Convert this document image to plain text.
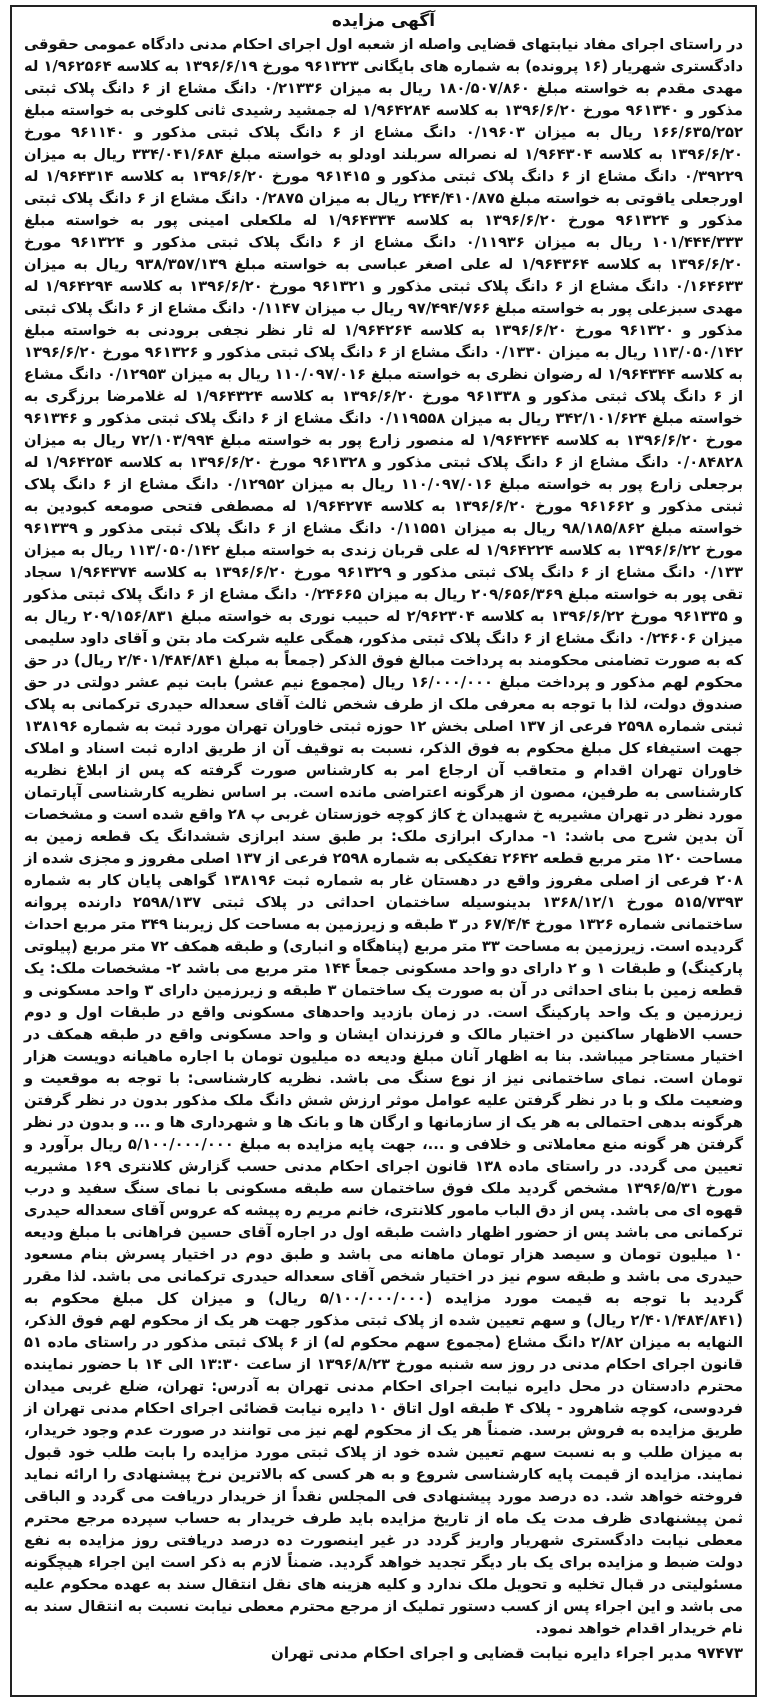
آگهی مزایده
در راستای اجرای مفاد نیابتهای قضایی واصله از شعبه اول اجرای احکام مدنی دادگاه عمومی حقوقی دادگستری شهریار (۱۶ پرونده) به شماره های بایگانی ۹۶۱۳۲۳ مورخ ۱۳۹۶/۶/۱۹ به کلاسه ۱/۹۶۲۵۶۴ له مهدی مقدم به خواسته مبلغ ۱۸۰/۵۰۷/۸۶۰ ریال به میزان ۰/۲۱۳۳۶ دانگ مشاع از ۶ دانگ پلاک ثبتی مذکور و ۹۶۱۳۴۰ مورخ ۱۳۹۶/۶/۲۰ به کلاسه ۱/۹۶۴۲۸۴ له جمشید رشیدی ثانی کلوخی به خواسته مبلغ ۱۶۶/۶۳۵/۲۵۲ ریال به میزان ۰/۱۹۶۰۳ دانگ مشاع از ۶ دانگ پلاک ثبتی مذکور و ۹۶۱۱۴۰ مورخ ۱۳۹۶/۶/۲۰ به کلاسه ۱/۹۶۴۳۰۴ له نصراله سربلند اودلو به خواسته مبلغ ۳۳۴/۰۴۱/۶۸۴ ریال به میزان ۰/۳۹۲۲۹ دانگ مشاع از ۶ دانگ پلاک ثبتی مذکور و ۹۶۱۴۱۵ مورخ ۱۳۹۶/۶/۲۰ به کلاسه ۱/۹۶۴۳۱۴ له اورجعلی یاقوتی به خواسته مبلغ ۲۴۴/۴۱۰/۸۷۵ ریال به میزان ۰/۲۸۷۵ دانگ مشاع از ۶ دانگ پلاک ثبتی مذکور و ۹۶۱۳۲۴ مورخ ۱۳۹۶/۶/۲۰ به کلاسه ۱/۹۶۴۳۳۴ له ملکعلی امینی پور به خواسته مبلغ ۱۰۱/۴۴۴/۳۳۳ ریال به میزان ۰/۱۱۹۳۶ دانگ مشاع از ۶ دانگ پلاک ثبتی مذکور و ۹۶۱۳۲۴ مورخ ۱۳۹۶/۶/۲۰ به کلاسه ۱/۹۶۴۳۶۴ له علی اصغر عباسی به خواسته مبلغ ۹۳۸/۳۵۷/۱۳۹ ریال به میزان ۰/۱۶۴۶۳۳ دانگ مشاع از ۶ دانگ پلاک ثبتی مذکور و ۹۶۱۳۲۱ مورخ ۱۳۹۶/۶/۲۰ به کلاسه ۱/۹۶۴۲۹۴ له مهدی سبزعلی پور به خواسته مبلغ ۹۷/۴۹۴/۷۶۶ ریال ب میزان ۰/۱۱۴۷ دانگ مشاع از ۶ دانگ پلاک ثبتی مذکور و ۹۶۱۳۲۰ مورخ ۱۳۹۶/۶/۲۰ به کلاسه ۱/۹۶۴۲۶۴ له ثار نظر نجفی برودنی به خواسته مبلغ ۱۱۳/۰۵۰/۱۴۲ ریال به میزان ۰/۱۳۳۰ دانگ مشاع از ۶ دانگ پلاک ثبتی مذکور و ۹۶۱۳۲۶ مورخ ۱۳۹۶/۶/۲۰ به کلاسه ۱/۹۶۴۳۴۴ له رضوان نظری به خواسته مبلغ ۱۱۰/۰۹۷/۰۱۶ ریال به میزان ۰/۱۲۹۵۳ دانگ مشاع از ۶ دانگ پلاک ثبتی مذکور و ۹۶۱۳۳۸ مورخ ۱۳۹۶/۶/۲۰ به کلاسه ۱/۹۶۴۳۲۴ له غلامرضا برزگری به خواسته مبلغ ۳۴۲/۱۰۱/۶۲۴ ریال به میزان ۰/۱۱۹۵۵۸ دانگ مشاع از ۶ دانگ پلاک ثبتی مذکور و ۹۶۱۳۴۶ مورخ ۱۳۹۶/۶/۲۰ به کلاسه ۱/۹۶۴۲۴۴ له منصور زارع پور به خواسته مبلغ ۷۲/۱۰۳/۹۹۴ ریال به میزان ۰/۰۸۴۸۲۸ دانگ مشاع از ۶ دانگ پلاک ثبتی مذکور و ۹۶۱۳۲۸ مورخ ۱۳۹۶/۶/۲۰ به کلاسه ۱/۹۶۴۲۵۴ له برجعلی زارع پور به خواسته مبلغ ۱۱۰/۰۹۷/۰۱۶ ریال به میزان ۰/۱۲۹۵۲ دانگ مشاع از ۶ دانگ پلاک ثبتی مذکور و ۹۶۱۶۶۲ مورخ ۱۳۹۶/۶/۲۰ به کلاسه ۱/۹۶۴۲۷۴ له مصطفی فتحی صومعه کبودین به خواسته مبلغ ۹۸/۱۸۵/۸۶۲ ریال به میزان ۰/۱۱۵۵۱ دانگ مشاع از ۶ دانگ پلاک ثبتی مذکور و ۹۶۱۳۳۹ مورخ ۱۳۹۶/۶/۲۲ به کلاسه ۱/۹۶۴۲۲۴ له علی قربان زندی به خواسته مبلغ ۱۱۳/۰۵۰/۱۴۲ ریال به میزان ۰/۱۳۳ دانگ مشاع از ۶ دانگ پلاک ثبتی مذکور و ۹۶۱۳۲۹ مورخ ۱۳۹۶/۶/۲۰ به کلاسه ۱/۹۶۴۳۷۴ سجاد تقی پور به خواسته مبلغ ۲۰۹/۶۵۶/۳۶۹ ریال به میزان ۰/۲۴۶۶۵ دانگ مشاع از ۶ دانگ پلاک ثبتی مذکور و ۹۶۱۳۳۵ مورخ ۱۳۹۶/۶/۲۲ به کلاسه ۲/۹۶۲۳۰۴ له حبیب نوری به خواسته مبلغ ۲۰۹/۱۵۶/۸۳۱ ریال به میزان ۰/۲۴۶۰۶ دانگ مشاع از ۶ دانگ پلاک ثبتی مذکور، همگی علیه شرکت ماد بتن و آقای داود سلیمی که به صورت تضامنی محکومند به پرداخت مبالغ فوق الذکر (جمعاً به مبلغ ۲/۴۰۱/۴۸۴/۸۴۱ ریال) در حق محکوم لهم مذکور و پرداخت مبلغ ۱۶/۰۰۰/۰۰۰ ریال (مجموع نیم عشر) بابت نیم عشر دولتی در حق صندوق دولت، لذا با توجه به معرفی ملک از طرف شخص ثالث آقای سعداله حیدری ترکمانی به پلاک ثبتی شماره ۲۵۹۸ فرعی از ۱۳۷ اصلی بخش ۱۲ حوزه ثبتی خاوران تهران مورد ثبت به شماره ۱۳۸۱۹۶ جهت استیفاء کل مبلغ محکوم به فوق الذکر، نسبت به توقیف آن از طریق اداره ثبت اسناد و املاک خاوران تهران اقدام و متعاقب آن ارجاع امر به کارشناس صورت گرفته که پس از ابلاغ نظریه کارشناسی به طرفین، مصون از هرگونه اعتراضی مانده است. بر اساس نظریه کارشناسی آپارتمان مورد نظر در تهران مشیریه خ شهیدان خ کاژ کوچه خوزستان غربی پ ۲۸ واقع شده است و مشخصات آن بدین شرح می باشد: ۱- مدارک ابرازی ملک: بر طبق سند ابرازی ششدانگ یک قطعه زمین به مساحت ۱۲۰ متر مربع قطعه ۲۶۴۲ تفکیکی به شماره ۲۵۹۸ فرعی از ۱۳۷ اصلی مفروز و مجزی شده از ۲۰۸ فرعی از اصلی مفروز واقع در دهستان غار به شماره ثبت ۱۳۸۱۹۶ گواهی پایان کار به شماره ۵۱۵/۷۳۹۳ مورخ ۱۳۶۸/۱۲/۱ بدینوسیله ساختمان احداثی در پلاک ثبتی ۲۵۹۸/۱۳۷ دارنده پروانه ساختمانی شماره ۱۳۲۶ مورخ ۶۷/۴/۴ در ۳ طبقه و زیرزمین به مساحت کل زیربنا ۳۴۹ متر مربع احداث گردیده است. زیرزمین به مساحت ۳۳ متر مربع (پناهگاه و انباری) و طبقه همکف ۷۲ متر مربع (پیلوتی پارکینگ) و طبقات ۱ و ۲ دارای دو واحد مسکونی جمعاً ۱۴۴ متر مربع می باشد ۲- مشخصات ملک: یک قطعه زمین با بنای احداثی در آن به صورت یک ساختمان ۳ طبقه و زیرزمین دارای ۳ واحد مسکونی و زیرزمین و یک واحد پارکینگ است. در زمان بازدید واحدهای مسکونی واقع در طبقات اول و دوم حسب الاظهار ساکنین در اختیار مالک و فرزندان ایشان و واحد مسکونی واقع در طبقه همکف در اختیار مستاجر میباشد. بنا به اظهار آنان مبلغ ودیعه ده میلیون تومان با اجاره ماهیانه دویست هزار تومان است. نمای ساختمانی نیز از نوع سنگ می باشد. نظریه کارشناسی: با توجه به موقعیت و وضعیت ملک و با در نظر گرفتن علیه عوامل موثر ارزش شش دانگ ملک مذکور بدون در نظر گرفتن هرگونه بدهی احتمالی به هر یک از سازمانها و ارگان ها و بانک ها و شهرداری ها و ... و بدون در نظر گرفتن هر گونه منع معاملاتی و خلافی و ...، جهت پایه مزایده به مبلغ ۵/۱۰۰/۰۰۰/۰۰۰ ریال برآورد و تعیین می گردد. در راستای ماده ۱۳۸ قانون اجرای احکام مدنی حسب گزارش کلانتری ۱۶۹ مشیریه مورخ ۱۳۹۶/۵/۳۱ مشخص گردید ملک فوق ساختمان سه طبقه مسکونی با نمای سنگ سفید و درب قهوه ای می باشد. پس از دق الباب مامور کلانتری، خانم مریم ره پیشه که عروس آقای سعداله حیدری ترکمانی می باشد پس از حضور اظهار داشت طبقه اول در اجاره آقای حسین فراهانی با مبلغ ودیعه ۱۰ میلیون تومان و سیصد هزار تومان ماهانه می باشد و طبق دوم در اختیار پسرش بنام مسعود حیدری می باشد و طبقه سوم نیز در اختیار شخص آقای سعداله حیدری ترکمانی می باشد. لذا مقرر گردید با توجه به قیمت مورد مزایده (۵/۱۰۰/۰۰۰/۰۰۰ ریال) و میزان کل مبلغ محکوم به (۲/۴۰۱/۴۸۴/۸۴۱ ریال) و سهم تعیین شده از پلاک ثبتی مذکور جهت هر یک از محکوم لهم فوق الذکر، النهایه به میزان ۲/۸۲ دانگ مشاع (مجموع سهم محکوم له) از ۶ پلاک ثبتی مذکور در راستای ماده ۵۱ قانون اجرای احکام مدنی در روز سه شنبه مورخ ۱۳۹۶/۸/۲۳ از ساعت ۱۳:۳۰ الی ۱۴ با حضور نماینده محترم دادستان در محل دایره نیابت اجرای احکام مدنی تهران به آدرس: تهران، ضلع غربی میدان فردوسی، کوچه شاهرود - پلاک ۴ طبقه اول اتاق ۱۰ دایره نیابت قضائی اجرای احکام مدنی تهران از طریق مزایده به فروش برسد. ضمناً هر یک از محکوم لهم نیز می توانند در صورت عدم وجود خریدار، به میزان طلب و به نسبت سهم تعیین شده خود از پلاک ثبتی مورد مزایده را بابت طلب خود قبول نمایند. مزایده از قیمت پایه کارشناسی شروع و به هر کسی که بالاترین نرخ پیشنهادی را ارائه نماید فروخته خواهد شد. ده درصد مورد پیشنهادی فی المجلس نقداً از خریدار دریافت می گردد و الباقی ثمن پیشنهادی ظرف مدت یک ماه از تاریخ مزایده باید طرف خریدار به حساب سپرده مرجع محترم معطی نیابت دادگستری شهریار واریز گردد در غیر اینصورت ده درصد دریافتی روز مزایده به نفع دولت ضبط و مزایده برای یک بار دیگر تجدید خواهد گردید. ضمناً لازم به ذکر است این اجراء هیچگونه مسئولیتی در قبال تخلیه و تحویل ملک ندارد و کلیه هزینه های نقل انتقال سند به عهده محکوم علیه می باشد و این اجراء پس از کسب دستور تملیک از مرجع محترم معطی نیابت نسبت به انتقال سند به نام خریدار اقدام خواهد نمود.
۹۷۴۷۳ مدیر اجراء دایره نیابت قضایی و اجرای احکام مدنی تهران
